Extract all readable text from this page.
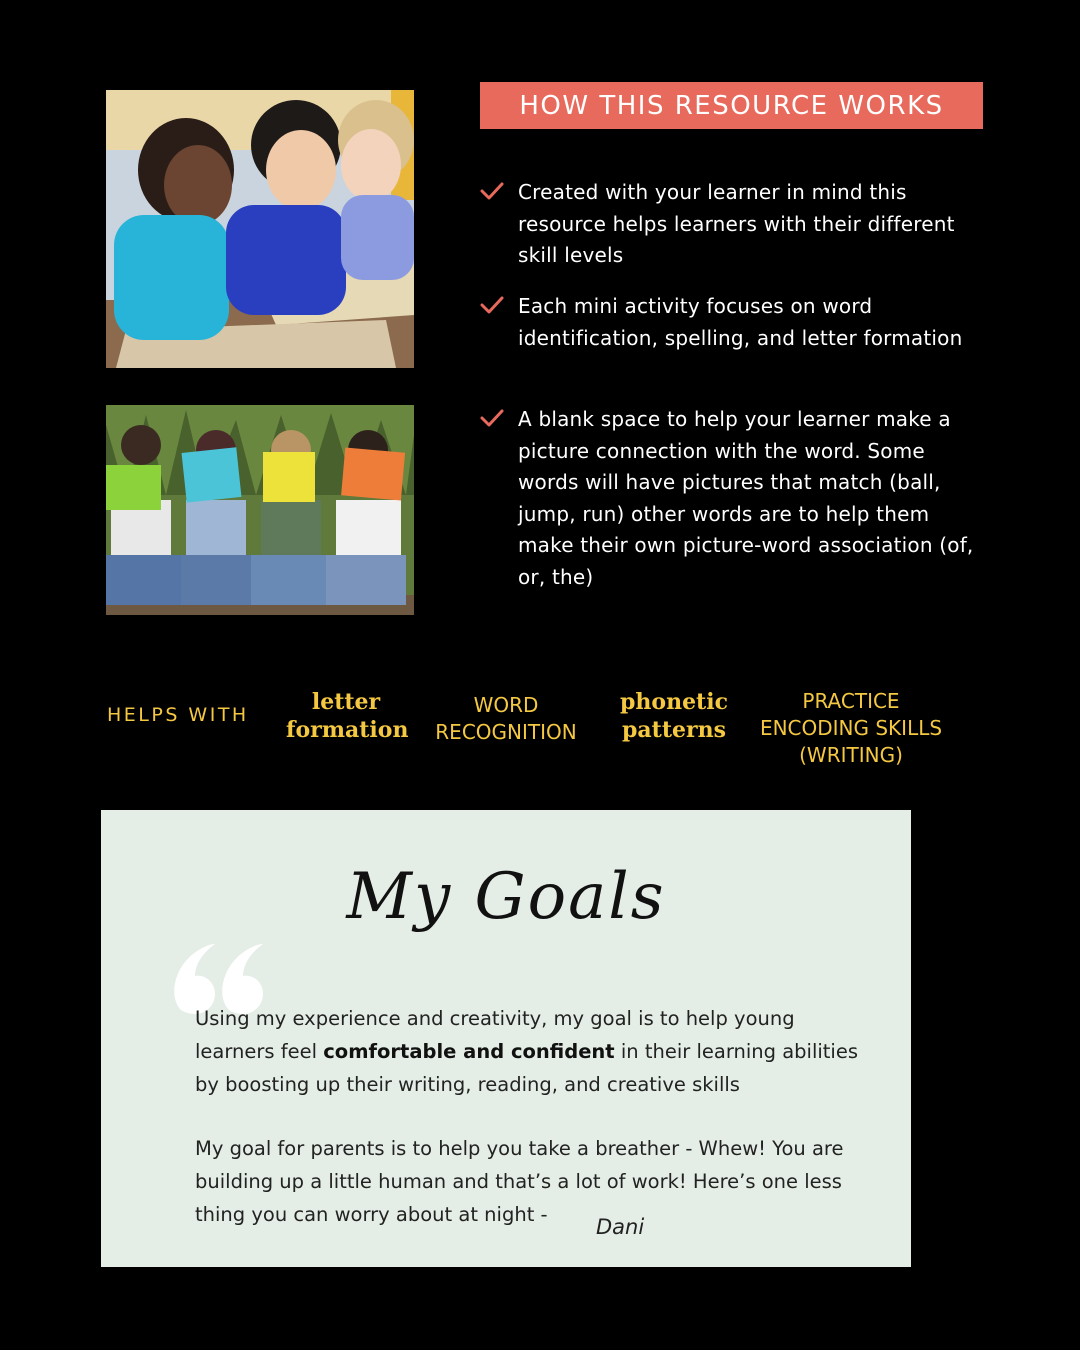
HOW THIS RESOURCE WORKS
Created with your learner in mind this resource helps learners with their different skill levels
Each mini activity focuses on word identification, spelling, and letter formation
A blank space to help your learner make a picture connection with the word. Some words will have pictures that match (ball, jump, run) other words are to help them make their own picture-word association (of, or, the)
HELPS WITH	letter
formation
WORD
RECOGNITION
phonetic
patterns
PRACTICE
ENCODING SKILLS
(WRITING)
My Goals

Using my experience and creativity, my goal is to help young learners feel comfortable and confident in their learning abilities by boosting up their writing, reading, and creative skills

My goal for parents is to help you take a breather - Whew! You are building up a little human and that’s a lot of work! Here’s one less thing you can worry about at night -

Dani
